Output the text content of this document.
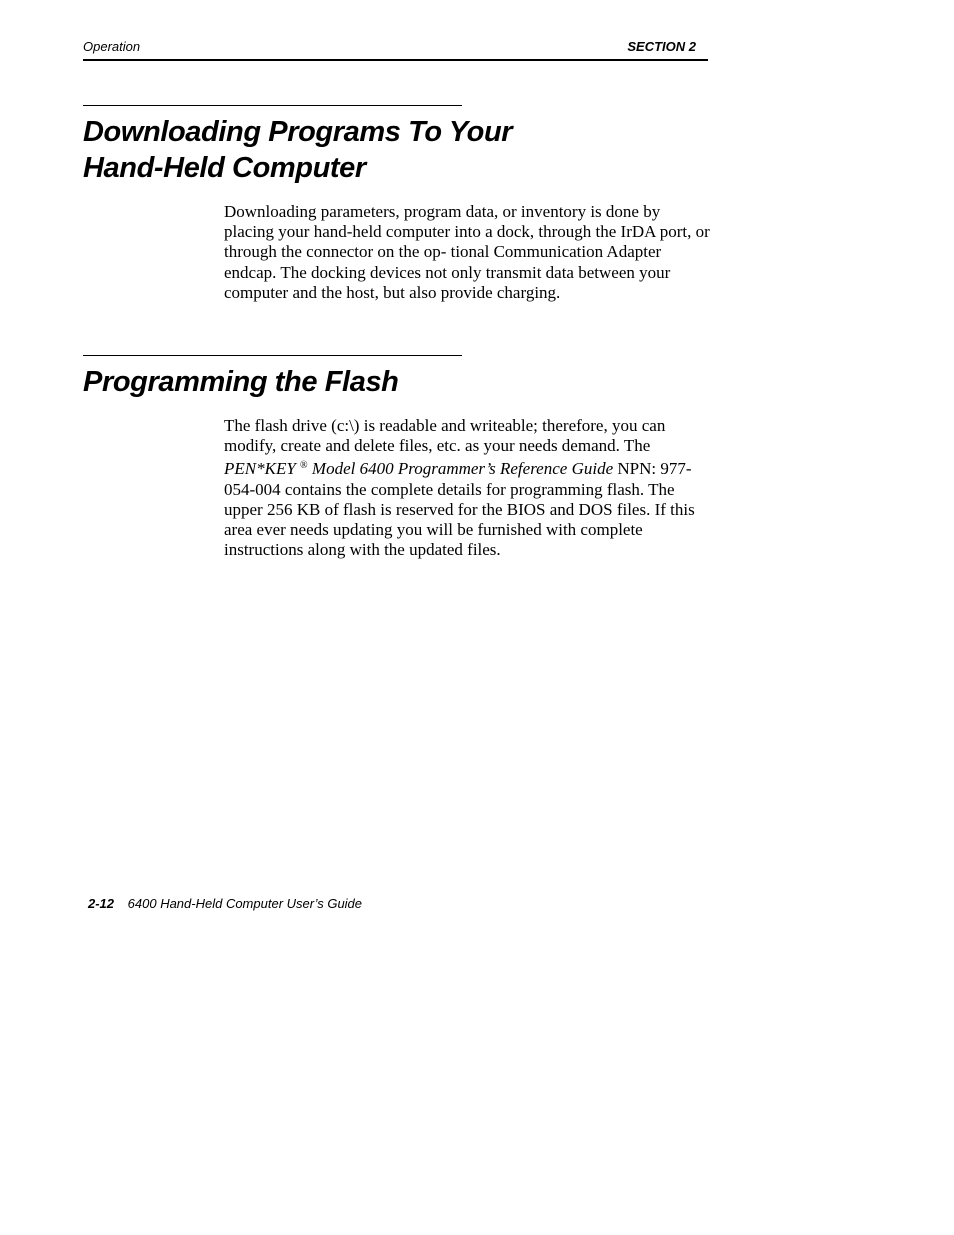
Operation	SECTION 2
Downloading Programs To Your
Hand-Held Computer

Downloading parameters, program data, or inventory is done by placing your hand-held computer into a dock, through the IrDA port, or through the connector on the op- tional Communication Adapter endcap. The docking devices not only transmit data between your computer and the host, but also provide charging.

Programming the Flash

The flash drive (c:\) is readable and writeable; therefore, you can modify, create and delete files, etc. as your needs demand. The PEN*KEY ® Model 6400 Programmer’s Reference Guide NPN: 977-054-004 contains the complete details for programming flash. The upper 256 KB of flash is reserved for the BIOS and DOS files. If this area ever needs updating you will be furnished with complete instructions along with the updated files.

2-12 6400 Hand-Held Computer User’s Guide
